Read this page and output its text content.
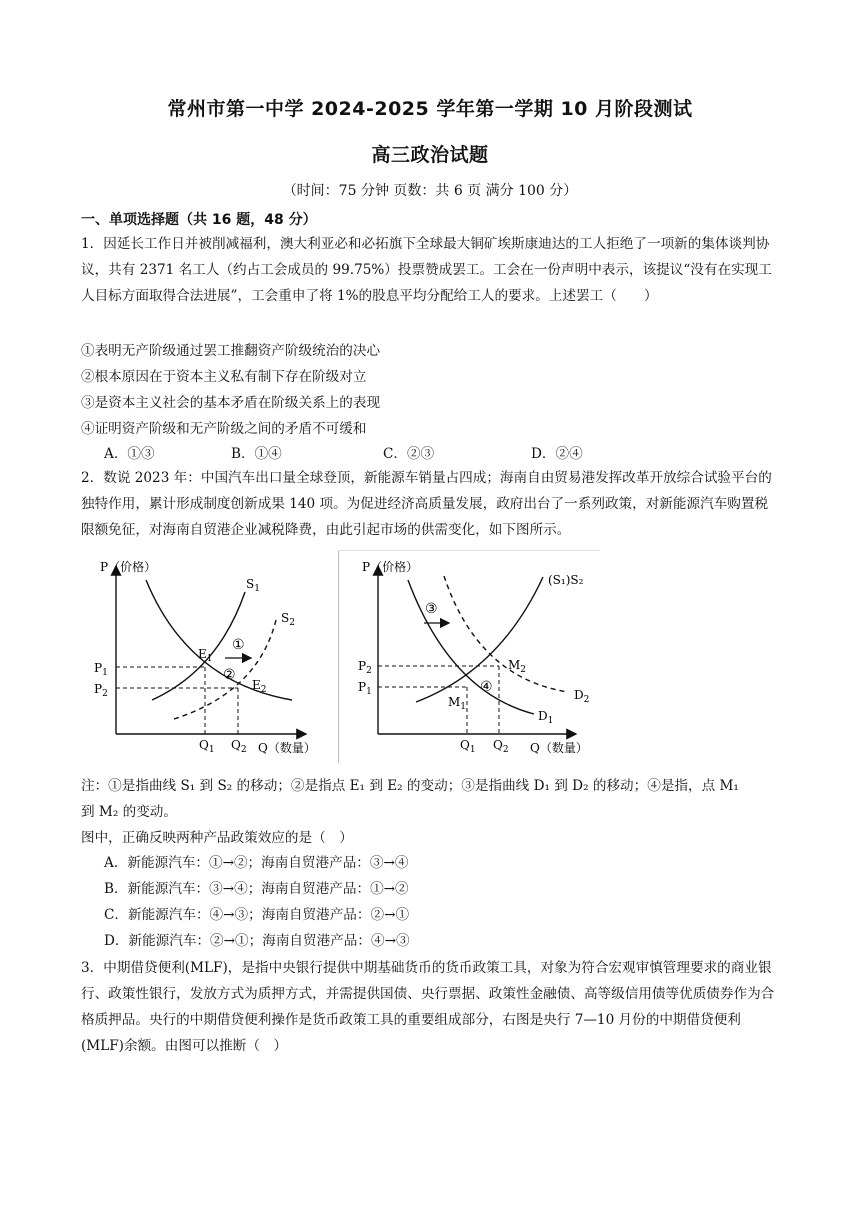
常州市第一中学 2024-2025 学年第一学期 10 月阶段测试
高三政治试题
（时间：75 分钟 页数：共 6 页 满分 100 分）
一、单项选择题（共 16 题，48 分）
1．因延长工作日并被削减福利，澳大利亚必和必拓旗下全球最大铜矿埃斯康迪达的工人拒绝了一项新的集体谈判协议，共有 2371 名工人（约占工会成员的 99.75%）投票赞成罢工。工会在一份声明中表示，该提议“没有在实现工人目标方面取得合法进展”，工会重申了将 1%的股息平均分配给工人的要求。上述罢工（　　）
①表明无产阶级通过罢工推翻资产阶级统治的决心
②根本原因在于资本主义私有制下存在阶级对立
③是资本主义社会的基本矛盾在阶级关系上的表现
④证明资产阶级和无产阶级之间的矛盾不可缓和
A．①③	B．①④	C．②③	D．②④
2．数说 2023 年：中国汽车出口量全球登顶，新能源车销量占四成；海南自由贸易港发挥改革开放综合试验平台的独特作用，累计形成制度创新成果 140 项。为促进经济高质量发展，政府出台了一系列政策，对新能源汽车购置税限额免征，对海南自贸港企业减税降费，由此引起市场的供需变化，如下图所示。
P（价格）
Q（数量）
$P_1$
$P_2$
$Q_1$ $Q_2$
$S_1$
$S_2$
$E_1$
$E_2$
①
②
P（价格）
Q（数量）
$P_2$
$P_1$
$Q_1$ $Q_2$
(S₁)S₂
$D_1$
$D_2$
$M_1$
$M_2$
③
④
注：①是指曲线 S₁ 到 S₂ 的移动；②是指点 E₁ 到 E₂ 的变动；③是指曲线 D₁ 到 D₂ 的移动；④是指，点 M₁
到 M₂ 的变动。
图中，正确反映两种产品政策效应的是（　）
A．新能源汽车：①→②；海南自贸港产品：③→④
B．新能源汽车：③→④；海南自贸港产品：①→②
C．新能源汽车：④→③；海南自贸港产品：②→①
D．新能源汽车：②→①；海南自贸港产品：④→③
3．中期借贷便利(MLF)，是指中央银行提供中期基础货币的货币政策工具，对象为符合宏观审慎管理要求的商业银行、政策性银行，发放方式为质押方式，并需提供国债、央行票据、政策性金融债、高等级信用债等优质债券作为合格质押品。央行的中期借贷便利操作是货币政策工具的重要组成部分，右图是央行 7—10 月份的中期借贷便利(MLF)余额。由图可以推断（　）
